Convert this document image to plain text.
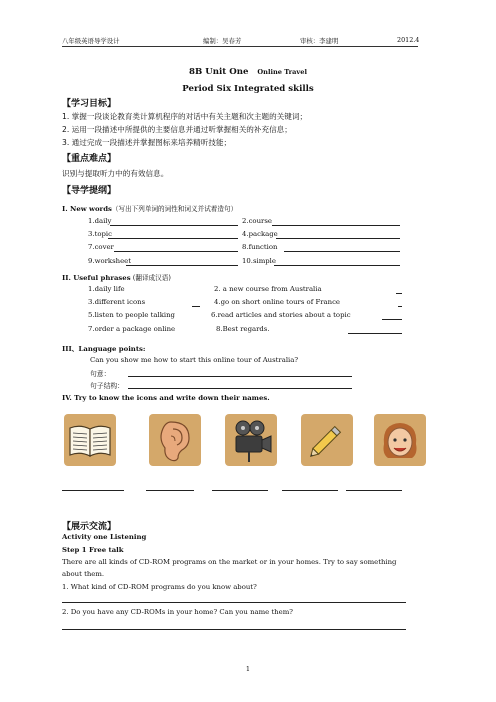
八年级英语导学设计	编制：吴春芳	审核：李建明	2012.4
8B Unit One Online Travel
Period Six Integrated skills
【学习目标】
1. 掌握一段谈论教育类计算机程序的对话中有关主题和次主题的关键词；
2. 运用一段描述中所提供的主要信息并通过听掌握相关的补充信息；
3. 通过完成一段描述并掌握图标来培养精听技能；
【重点难点】
识别与提取听力中的有效信息。
【导学提纲】
I. New words（写出下列单词的词性和词义并试着造句）
1.daily	2.course
3.topic	4.package
7.cover	8.function
9.worksheet	10.simple
II. Useful phrases (翻译成汉语)
1.daily life	2. a new course from Australia
3.different icons	4.go on short online tours of France
5.listen to people talking	6.read articles and stories about a topic
7.order a package online	8.Best regards.
III、Language points:
Can you show me how to start this online tour of Australia?
句意：
句子结构：
IV. Try to know the icons and write down their names.
【展示交流】
Activity one Listening
Step 1 Free talk
There are all kinds of CD-ROM programs on the market or in your homes. Try to say something
about them.
1. What kind of CD-ROM programs do you know about?
2. Do you have any CD-ROMs in your home? Can you name them?
1
